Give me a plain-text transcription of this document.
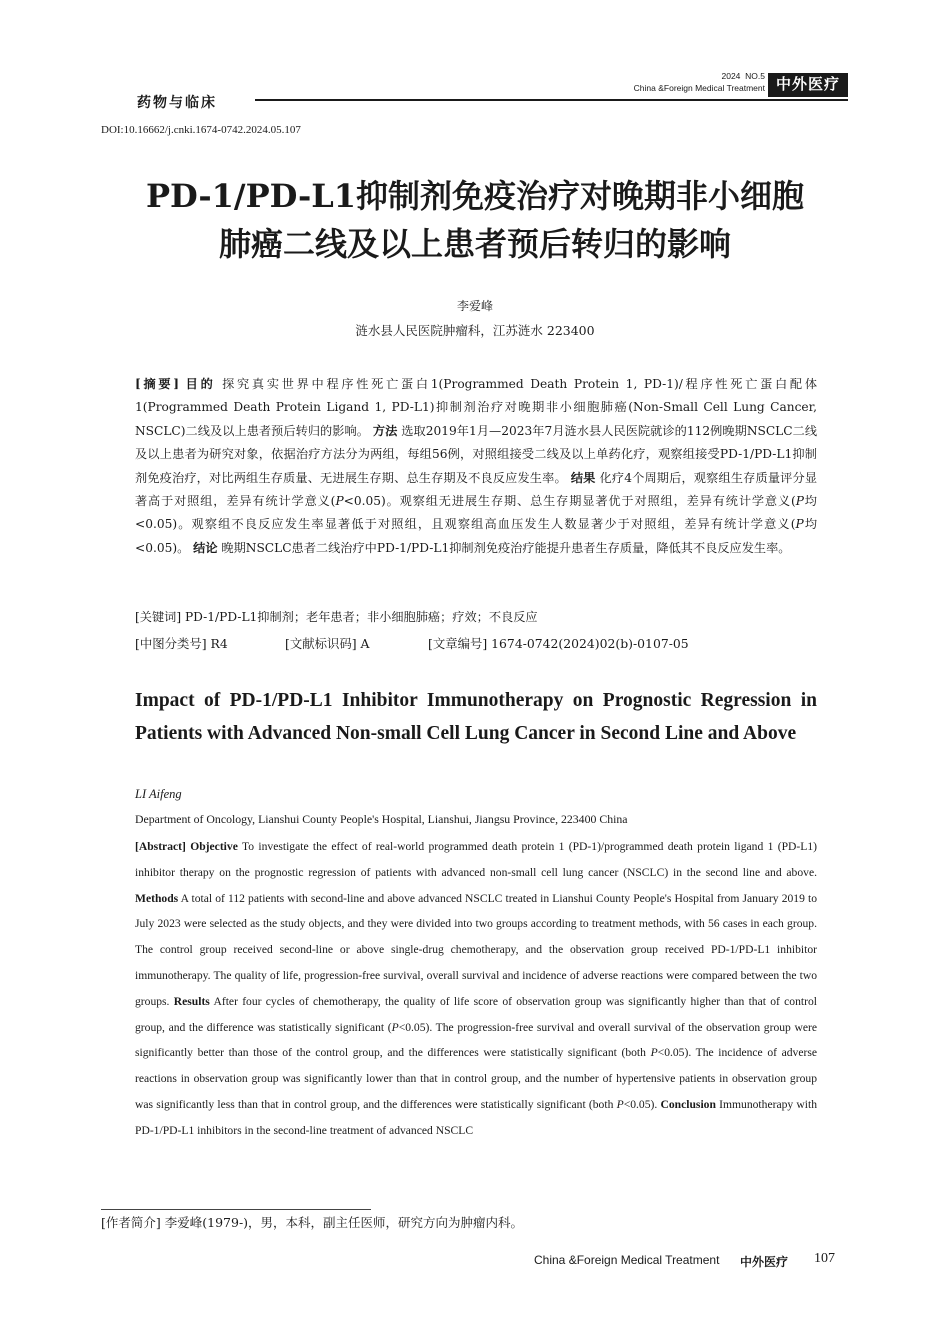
2024 NO.5
China &Foreign Medical Treatment 中外医疗
药物与临床
DOI:10.16662/j.cnki.1674-0742.2024.05.107
PD-1/PD-L1抑制剂免疫治疗对晚期非小细胞
肺癌二线及以上患者预后转归的影响
李爱峰
涟水县人民医院肿瘤科，江苏涟水 223400
[摘要] 目的 探究真实世界中程序性死亡蛋白1(Programmed Death Protein 1, PD-1)/程序性死亡蛋白配体1(Programmed Death Protein Ligand 1, PD-L1)抑制剂治疗对晚期非小细胞肺癌(Non-Small Cell Lung Cancer, NSCLC)二线及以上患者预后转归的影响。 方法 选取2019年1月—2023年7月涟水县人民医院就诊的112例晚期NSCLC二线及以上患者为研究对象，依据治疗方法分为两组，每组56例，对照组接受二线及以上单药化疗，观察组接受PD-1/PD-L1抑制剂免疫治疗，对比两组生存质量、无进展生存期、总生存期及不良反应发生率。 结果 化疗4个周期后，观察组生存质量评分显著高于对照组，差异有统计学意义(P<0.05)。观察组无进展生存期、总生存期显著优于对照组，差异有统计学意义(P均<0.05)。观察组不良反应发生率显著低于对照组，且观察组高血压发生人数显著少于对照组，差异有统计学意义(P均<0.05)。 结论 晚期NSCLC患者二线治疗中PD-1/PD-L1抑制剂免疫治疗能提升患者生存质量，降低其不良反应发生率。
[关键词] PD-1/PD-L1抑制剂；老年患者；非小细胞肺癌；疗效；不良反应
[中图分类号] R4	[文献标识码] A	[文章编号] 1674-0742(2024)02(b)-0107-05
Impact of PD-1/PD-L1 Inhibitor Immunotherapy on Prognostic Regression in Patients with Advanced Non-small Cell Lung Cancer in Second Line and Above
LI Aifeng
Department of Oncology, Lianshui County People's Hospital, Lianshui, Jiangsu Province, 223400 China
[Abstract] Objective To investigate the effect of real-world programmed death protein 1 (PD-1)/programmed death protein ligand 1 (PD-L1) inhibitor therapy on the prognostic regression of patients with advanced non-small cell lung cancer (NSCLC) in the second line and above. Methods A total of 112 patients with second-line and above advanced NSCLC treated in Lianshui County People's Hospital from January 2019 to July 2023 were selected as the study objects, and they were divided into two groups according to treatment methods, with 56 cases in each group. The control group received second-line or above single-drug chemotherapy, and the observation group received PD-1/PD-L1 inhibitor immunotherapy. The quality of life, progression-free survival, overall survival and incidence of adverse reactions were compared between the two groups. Results After four cycles of chemotherapy, the quality of life score of observation group was significantly higher than that of control group, and the difference was statistically significant (P<0.05). The progression-free survival and overall survival of the observation group were significantly better than those of the control group, and the differences were statistically significant (both P<0.05). The incidence of adverse reactions in observation group was significantly lower than that in control group, and the number of hypertensive patients in observation group was significantly less than that in control group, and the differences were statistically significant (both P<0.05). Conclusion Immunotherapy with PD-1/PD-L1 inhibitors in the second-line treatment of advanced NSCLC
[作者简介] 李爱峰(1979-)，男，本科，副主任医师，研究方向为肿瘤内科。
China &Foreign Medical Treatment 中外医疗 107
